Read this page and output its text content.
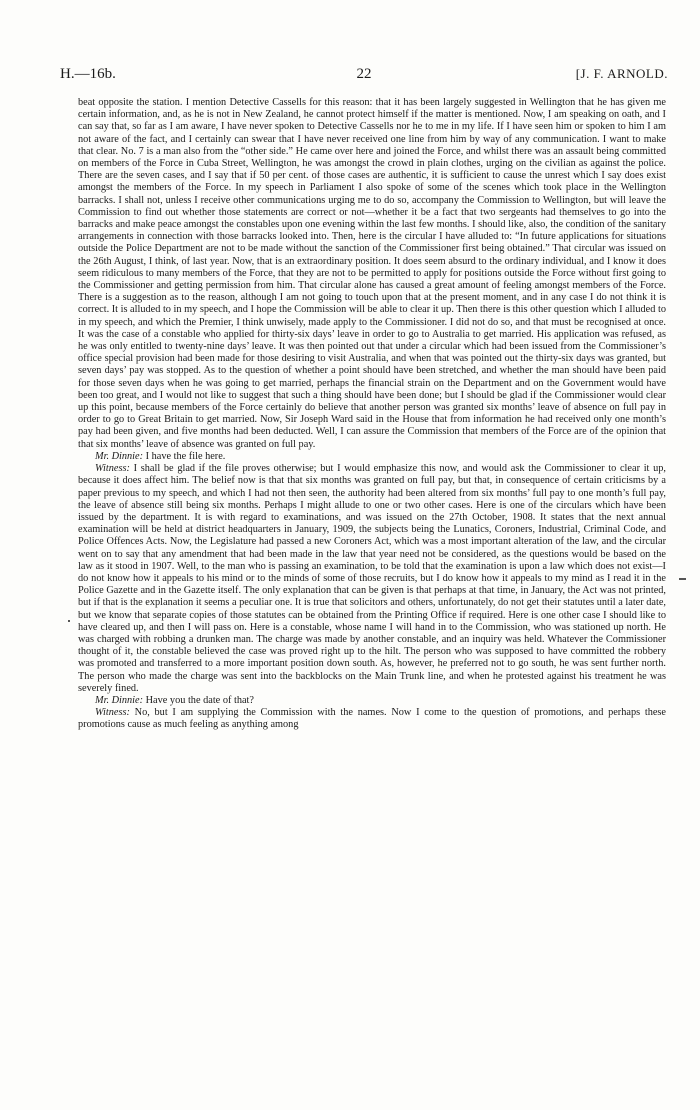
H.—16b.	22	[J. F. ARNOLD.

beat opposite the station. I mention Detective Cassells for this reason: that it has been largely suggested in Wellington that he has given me certain information, and, as he is not in New Zealand, he cannot protect himself if the matter is mentioned. Now, I am speaking on oath, and I can say that, so far as I am aware, I have never spoken to Detective Cassells nor he to me in my life. If I have seen him or spoken to him I am not aware of the fact, and I certainly can swear that I have never received one line from him by way of any communication. I want to make that clear. No. 7 is a man also from the “other side.” He came over here and joined the Force, and whilst there was an assault being committed on members of the Force in Cuba Street, Wellington, he was amongst the crowd in plain clothes, urging on the civilian as against the police. There are the seven cases, and I say that if 50 per cent. of those cases are authentic, it is sufficient to cause the unrest which I say does exist amongst the members of the Force. In my speech in Parliament I also spoke of some of the scenes which took place in the Wellington barracks. I shall not, unless I receive other communications urging me to do so, accompany the Commission to Wellington, but will leave the Commission to find out whether those statements are correct or not—whether it be a fact that two sergeants had themselves to go into the barracks and make peace amongst the constables upon one evening within the last few months. I should like, also, the condition of the sanitary arrangements in connection with those barracks looked into. Then, here is the circular I have alluded to: “In future applications for situations outside the Police Department are not to be made without the sanction of the Commissioner first being obtained.” That circular was issued on the 26th August, I think, of last year. Now, that is an extraordinary position. It does seem absurd to the ordinary individual, and I know it does seem ridiculous to many members of the Force, that they are not to be permitted to apply for positions outside the Force without first going to the Commissioner and getting permission from him. That circular alone has caused a great amount of feeling amongst members of the Force. There is a suggestion as to the reason, although I am not going to touch upon that at the present moment, and in any case I do not think it is correct. It is alluded to in my speech, and I hope the Commission will be able to clear it up. Then there is this other question which I alluded to in my speech, and which the Premier, I think unwisely, made apply to the Commissioner. I did not do so, and that must be recognised at once. It was the case of a constable who applied for thirty-six days’ leave in order to go to Australia to get married. His application was refused, as he was only entitled to twenty-nine days’ leave. It was then pointed out that under a circular which had been issued from the Commissioner’s office special provision had been made for those desiring to visit Australia, and when that was pointed out the thirty-six days was granted, but seven days’ pay was stopped. As to the question of whether a point should have been stretched, and whether the man should have been paid for those seven days when he was going to get married, perhaps the financial strain on the Department and on the Government would have been too great, and I would not like to suggest that such a thing should have been done; but I should be glad if the Commissioner would clear up this point, because members of the Force certainly do believe that another person was granted six months’ leave of absence on full pay in order to go to Great Britain to get married. Now, Sir Joseph Ward said in the House that from information he had received only one month’s pay had been given, and five months had been deducted. Well, I can assure the Commission that members of the Force are of the opinion that that six months’ leave of absence was granted on full pay.

Mr. Dinnie: I have the file here.

Witness: I shall be glad if the file proves otherwise; but I would emphasize this now, and would ask the Commissioner to clear it up, because it does affect him. The belief now is that that six months was granted on full pay, but that, in consequence of certain criticisms by a paper previous to my speech, and which I had not then seen, the authority had been altered from six months’ full pay to one month’s full pay, the leave of absence still being six months. Perhaps I might allude to one or two other cases. Here is one of the circulars which have been issued by the department. It is with regard to examinations, and was issued on the 27th October, 1908. It states that the next annual examination will be held at district headquarters in January, 1909, the subjects being the Lunatics, Coroners, Industrial, Criminal Code, and Police Offences Acts. Now, the Legislature had passed a new Coroners Act, which was a most important alteration of the law, and the circular went on to say that any amendment that had been made in the law that year need not be considered, as the questions would be based on the law as it stood in 1907. Well, to the man who is passing an examination, to be told that the examination is upon a law which does not exist—I do not know how it appeals to his mind or to the minds of some of those recruits, but I do know how it appeals to my mind as I read it in the Police Gazette and in the Gazette itself. The only explanation that can be given is that perhaps at that time, in January, the Act was not printed, but if that is the explanation it seems a peculiar one. It is true that solicitors and others, unfortunately, do not get their statutes until a later date, but we know that separate copies of those statutes can be obtained from the Printing Office if required. Here is one other case I should like to have cleared up, and then I will pass on. Here is a constable, whose name I will hand in to the Commission, who was stationed up north. He was charged with robbing a drunken man. The charge was made by another constable, and an inquiry was held. Whatever the Commissioner thought of it, the constable believed the case was proved right up to the hilt. The person who was supposed to have committed the robbery was promoted and transferred to a more important position down south. As, however, he preferred not to go south, he was sent further north. The person who made the charge was sent into the backblocks on the Main Trunk line, and when he protested against his treatment he was severely fined.

Mr. Dinnie: Have you the date of that?

Witness: No, but I am supplying the Commission with the names. Now I come to the question of promotions, and perhaps these promotions cause as much feeling as anything among
